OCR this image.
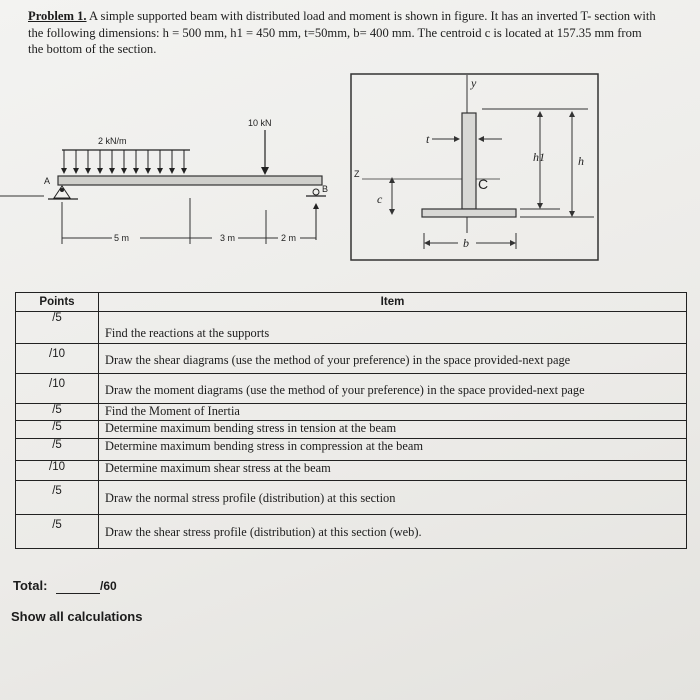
Problem 1. A simple supported beam with distributed load and moment is shown in figure. It has an inverted T- section with the following dimensions: h = 500 mm, h1 = 450 mm, t=50mm, b= 400 mm. The centroid c is located at 157.35 mm from the bottom of the section.
2 kN/m
10 kN
A
B
5 m	3 m	2 m
y
Z
t
C
c
h1	h
b
Points	Item
/5	Find the reactions at the supports
/10	Draw the shear diagrams (use the method of your preference) in the space provided-next page
/10	Draw the moment diagrams (use the method of your preference) in the space provided-next page
/5	Find the Moment of Inertia
/5	Determine maximum bending stress in tension at the beam
/5	Determine maximum bending stress in compression at the beam
/10	Determine maximum shear stress at the beam
/5	Draw the normal stress profile (distribution) at this section
/5	Draw the shear stress profile (distribution) at this section (web).
Total:	/60
Show all calculations
